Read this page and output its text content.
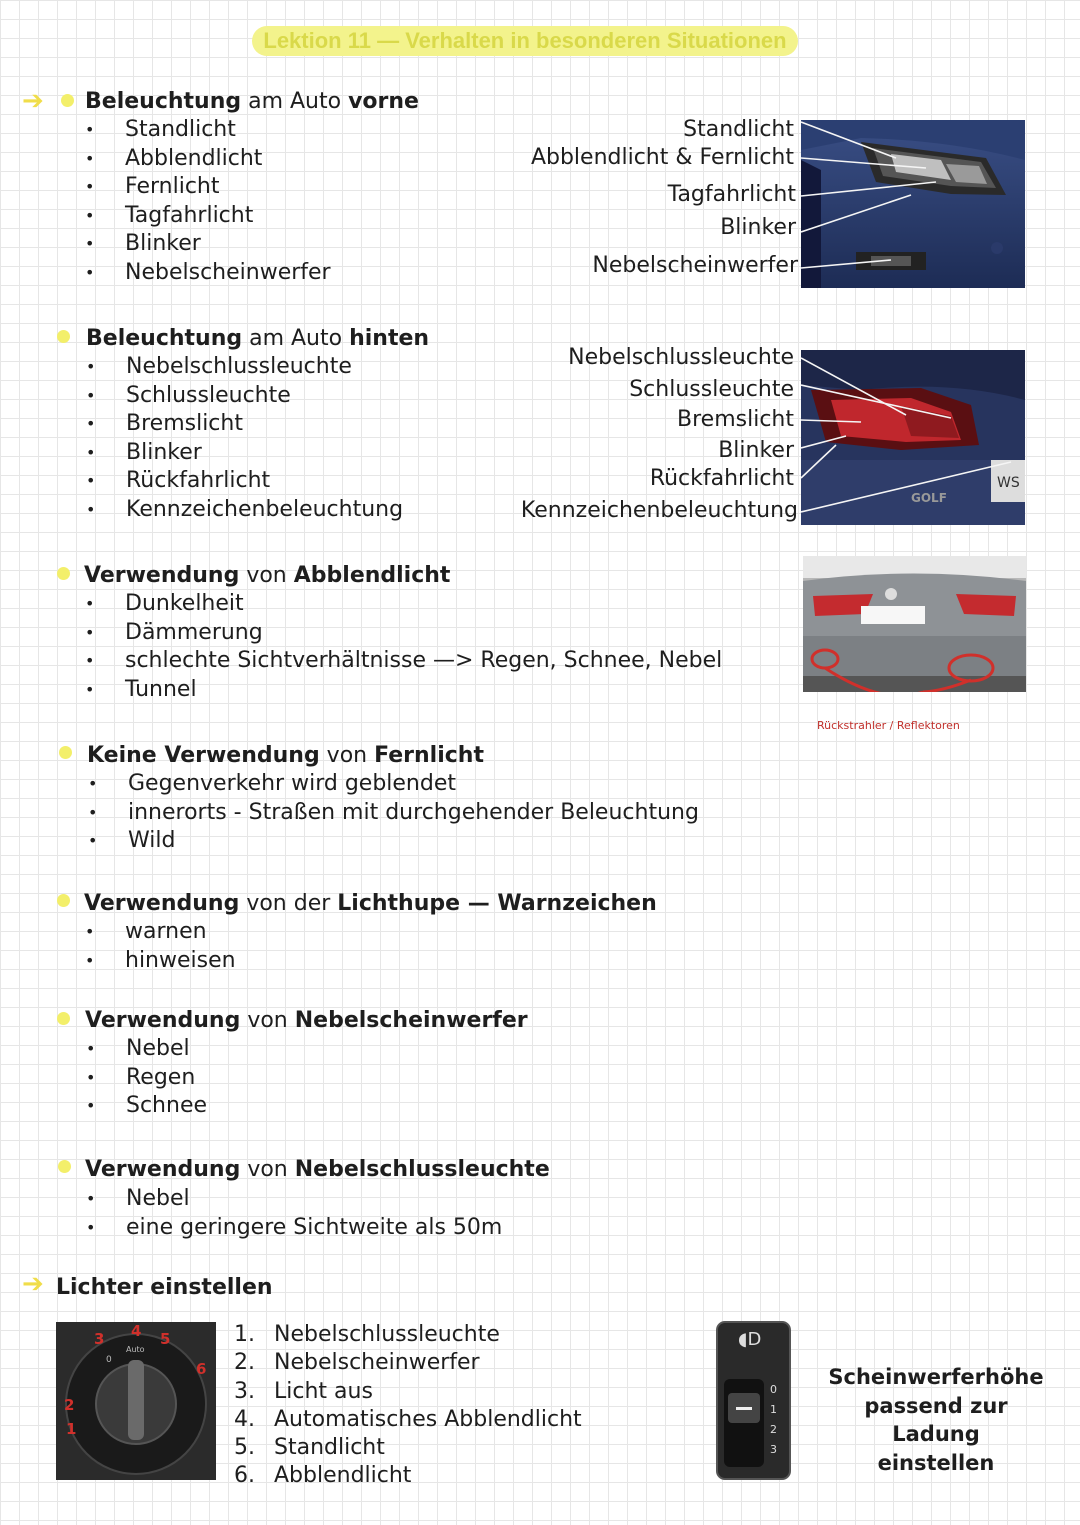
Lektion 11 — Verhalten in besonderen Situationen
➔ Beleuchtung am Auto vorne
• Standlicht
• Abblendlicht
• Fernlicht
• Tagfahrlicht
• Blinker
• Nebelscheinwerfer
Standlicht
Abblendlicht & Fernlicht
Tagfahrlicht
Blinker
Nebelscheinwerfer
Beleuchtung am Auto hinten
• Nebelschlussleuchte
• Schlussleuchte
• Bremslicht
• Blinker
• Rückfahrlicht
• Kennzeichenbeleuchtung
Nebelschlussleuchte
Schlussleuchte
Bremslicht
Blinker
Rückfahrlicht
Kennzeichenbeleuchtung
WS
GOLF
Verwendung von Abblendlicht
• Dunkelheit
• Dämmerung
• schlechte Sichtverhältnisse —> Regen, Schnee, Nebel
• Tunnel
Rückstrahler / Reflektoren
Keine Verwendung von Fernlicht
• Gegenverkehr wird geblendet
• innerorts - Straßen mit durchgehender Beleuchtung
• Wild
Verwendung von der Lichthupe — Warnzeichen
• warnen
• hinweisen
Verwendung von Nebelscheinwerfer
• Nebel
• Regen
• Schnee
Verwendung von Nebelschlussleuchte
• Nebel
• eine geringere Sichtweite als 50m
➔ Lichter einstellen
0
Auto
3 4 5
6
2
1
1. Nebelschlussleuchte
2. Nebelscheinwerfer
3. Licht aus
4. Automatisches Abblendlicht
5. Standlicht
6. Abblendlicht
◖D
0
1
2
3
Scheinwerferhöhe
passend zur Ladung
einstellen
